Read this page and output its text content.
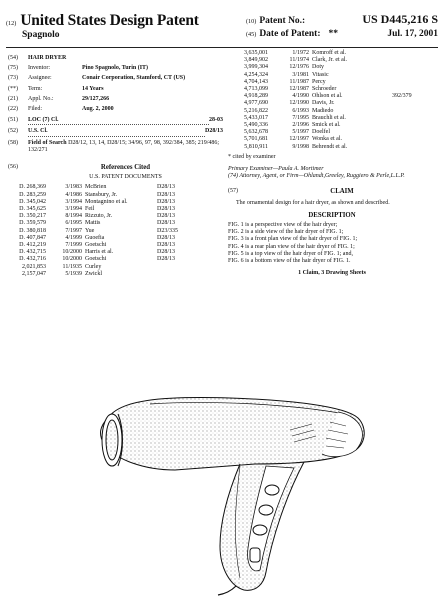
(12) United States Design Patent
Spagnolo
(10) Patent No.:	US D445,216 S
(45) Date of Patent: **	Jul. 17, 2001
(54)	HAIR DRYER
(75)	Inventor:	Pino Spagnolo, Turin (IT)
(73)	Assignee:	Conair Corporation, Stamford, CT (US)
(**)	Term:	14 Years
(21)	Appl. No.:	29/127,266
(22)	Filed:	Aug. 2, 2000
(51)	LOC (7) Cl.	28-03
(52)	U.S. Cl.	D28/13
(58)	Field of Search D28/12, 13, 14, D28/15; 34/96, 97, 98, 392/384, 385; 219/486; 132/271
(56)	References Cited
U.S. PATENT DOCUMENTS
D. 268,369	3/1983 McBrien	D28/13
D. 283,259	4/1986 Stansbury, Jr.	D28/13
D. 345,042	3/1994 Montagnino et al.	D28/13
D. 345,625	3/1994 Feil	D28/13
D. 350,217	8/1994 Rizzuto, Jr.	D28/13
D. 359,579	6/1995 Mattis	D28/13
D. 380,818	7/1997 Yue	D23/335
D. 407,847	4/1999 Guoefia	D28/13
D. 412,219	7/1999 Goetschi	D28/13
D. 432,715	10/2000 Harris et al.	D28/13
D. 432,716	10/2000 Goetschi	D28/13
2,021,853	11/1935 Curley
2,157,047	5/1939 Zwickl
3,635,001	1/1972 Komroff et al.
3,849,902	11/1974 Clark, Jr. et al.
3,999,304	12/1976 Doty
4,254,324	3/1981 Vitasic
4,704,143	11/1987 Percy
4,713,099	12/1987 Schroeder
4,918,289	4/1990 Ohlson et al.	392/379
4,977,690	12/1990 Davis, Jr.
5,216,822	6/1993 Madiedo
5,433,017	7/1995 Brauchli et al.
5,490,336	2/1996 Smick et al.
5,632,678	5/1997 Doelfel
5,701,681	12/1997 Wonka et al.
5,810,911	9/1998 Behrendt et al.
* cited by examiner
Primary Examiner—Paula A. Mortimer
(74) Attorney, Agent, or Firm—Ohlandt,Greeley, Ruggiero & Perle,L.L.P.
(57)	CLAIM
The ornamental design for a hair dryer, as shown and described.
DESCRIPTION
FIG. 1 is a perspective view of the hair dryer;
FIG. 2 is a side view of the hair dryer of FIG. 1;
FIG. 3 is a front plan view of the hair dryer of FIG. 1;
FIG. 4 is a rear plan view of the hair dryer of FIG. 1;
FIG. 5 is a top view of the hair dryer of FIG. 1; and,
FIG. 6 is a bottom view of the hair dryer of FIG. 1.
1 Claim, 3 Drawing Sheets
